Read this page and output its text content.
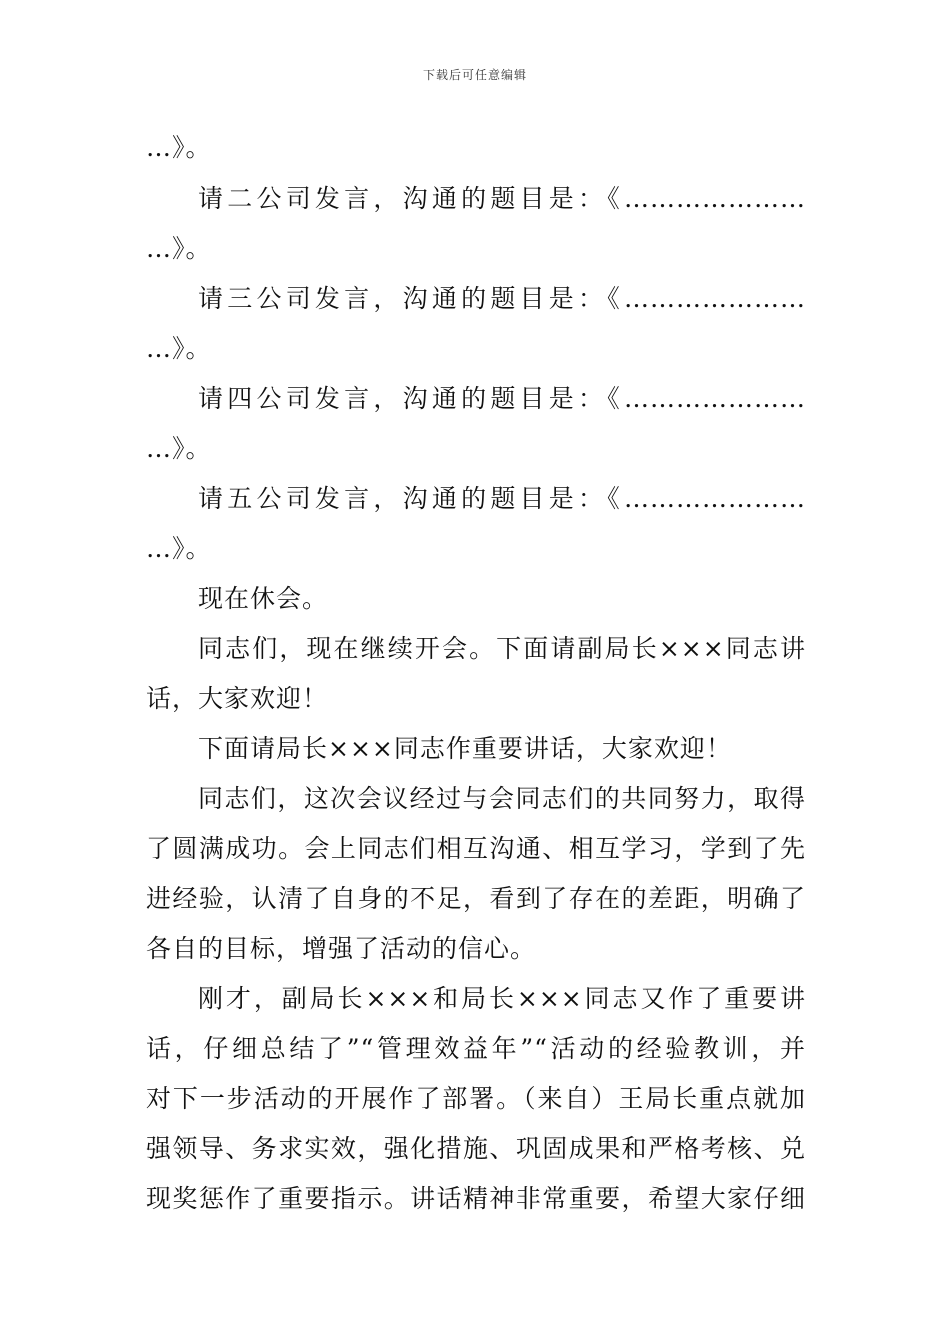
下载后可任意编辑
…》。
请二公司发言，沟通的题目是：《…………………
…》。
请三公司发言，沟通的题目是：《…………………
…》。
请四公司发言，沟通的题目是：《…………………
…》。
请五公司发言，沟通的题目是：《…………………
…》。
现在休会。
同志们，现在继续开会。下面请副局长×××同志讲
话，大家欢迎！
下面请局长×××同志作重要讲话，大家欢迎！
同志们，这次会议经过与会同志们的共同努力，取得
了圆满成功。会上同志们相互沟通、相互学习，学到了先
进经验，认清了自身的不足，看到了存在的差距，明确了
各自的目标，增强了活动的信心。
刚才，副局长×××和局长×××同志又作了重要讲
话，仔细总结了”“管理效益年”“活动的经验教训，并
对下一步活动的开展作了部署。（来自）王局长重点就加
强领导、务求实效，强化措施、巩固成果和严格考核、兑
现奖惩作了重要指示。讲话精神非常重要，希望大家仔细
